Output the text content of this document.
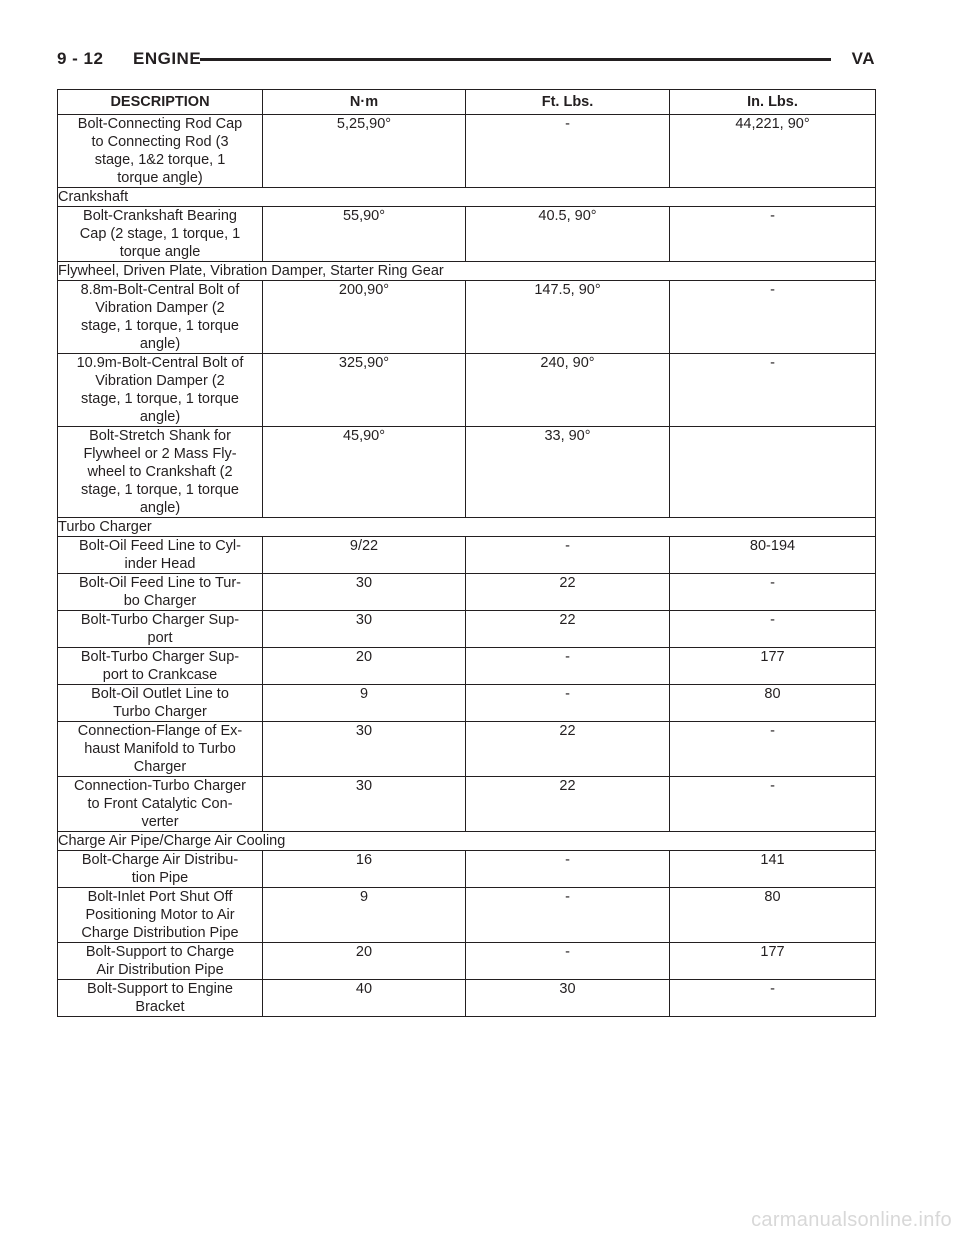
9 - 12 ENGINE	VA
DESCRIPTION	N·m	Ft. Lbs.	In. Lbs.
Bolt-Connecting Rod Cap
to Connecting Rod (3
stage, 1&2 torque, 1
torque angle)	5,25,90°	-	44,221, 90°
Crankshaft			
Bolt-Crankshaft Bearing
Cap (2 stage, 1 torque, 1
torque angle	55,90°	40.5, 90°	-
Flywheel, Driven Plate, Vibration Damper, Starter Ring Gear			
8.8m-Bolt-Central Bolt of
Vibration Damper (2
stage, 1 torque, 1 torque
angle)	200,90°	147.5, 90°	-
10.9m-Bolt-Central Bolt of
Vibration Damper (2
stage, 1 torque, 1 torque
angle)	325,90°	240, 90°	-
Bolt-Stretch Shank for
Flywheel or 2 Mass Fly-
wheel to Crankshaft (2
stage, 1 torque, 1 torque
angle)	45,90°	33, 90°	
Turbo Charger			
Bolt-Oil Feed Line to Cyl-
inder Head	9/22	-	80-194
Bolt-Oil Feed Line to Tur-
bo Charger	30	22	-
Bolt-Turbo Charger Sup-
port	30	22	-
Bolt-Turbo Charger Sup-
port to Crankcase	20	-	177
Bolt-Oil Outlet Line to
Turbo Charger	9	-	80
Connection-Flange of Ex-
haust Manifold to Turbo
Charger	30	22	-
Connection-Turbo Charger
to Front Catalytic Con-
verter	30	22	-
Charge Air Pipe/Charge Air Cooling			
Bolt-Charge Air Distribu-
tion Pipe	16	-	141
Bolt-Inlet Port Shut Off
Positioning Motor to Air
Charge Distribution Pipe	9	-	80
Bolt-Support to Charge
Air Distribution Pipe	20	-	177
Bolt-Support to Engine
Bracket	40	30	-
carmanualsonline.info
